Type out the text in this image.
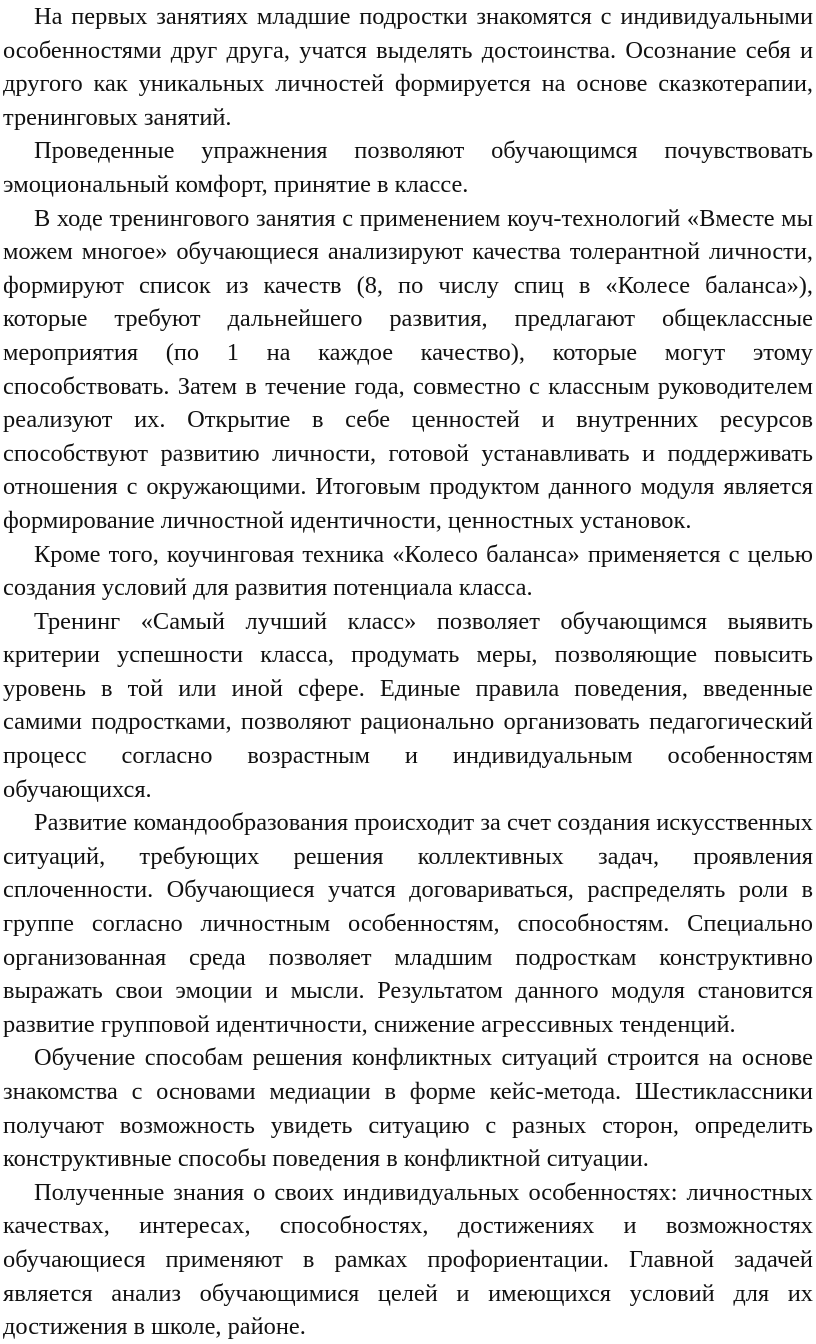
На первых занятиях младшие подростки знакомятся с индивидуальными особенностями друг друга, учатся выделять достоинства. Осознание себя и другого как уникальных личностей формируется на основе сказкотерапии, тренинговых занятий.

Проведенные упражнения позволяют обучающимся почувствовать эмоциональный комфорт, принятие в классе.

В ходе тренингового занятия с применением коуч-технологий «Вместе мы можем многое» обучающиеся анализируют качества толерантной личности, формируют список из качеств (8, по числу спиц в «Колесе баланса»), которые требуют дальнейшего развития, предлагают общеклассные мероприятия (по 1 на каждое качество), которые могут этому способствовать. Затем в течение года, совместно с классным руководителем реализуют их. Открытие в себе ценностей и внутренних ресурсов способствуют развитию личности, готовой устанавливать и поддерживать отношения с окружающими. Итоговым продуктом данного модуля является формирование личностной идентичности, ценностных установок.

Кроме того, коучинговая техника «Колесо баланса» применяется с целью создания условий для развития потенциала класса.

Тренинг «Самый лучший класс» позволяет обучающимся выявить критерии успешности класса, продумать меры, позволяющие повысить уровень в той или иной сфере. Единые правила поведения, введенные самими подростками, позволяют рационально организовать педагогический процесс согласно возрастным и индивидуальным особенностям обучающихся.

Развитие командообразования происходит за счет создания искусственных ситуаций, требующих решения коллективных задач, проявления сплоченности. Обучающиеся учатся договариваться, распределять роли в группе согласно личностным особенностям, способностям. Специально организованная среда позволяет младшим подросткам конструктивно выражать свои эмоции и мысли. Результатом данного модуля становится развитие групповой идентичности, снижение агрессивных тенденций.

Обучение способам решения конфликтных ситуаций строится на основе знакомства с основами медиации в форме кейс-метода. Шестиклассники получают возможность увидеть ситуацию с разных сторон, определить конструктивные способы поведения в конфликтной ситуации.

Полученные знания о своих индивидуальных особенностях: личностных качествах, интересах, способностях, достижениях и возможностях обучающиеся применяют в рамках профориентации. Главной задачей является анализ обучающимися целей и имеющихся условий для их достижения в школе, районе.
